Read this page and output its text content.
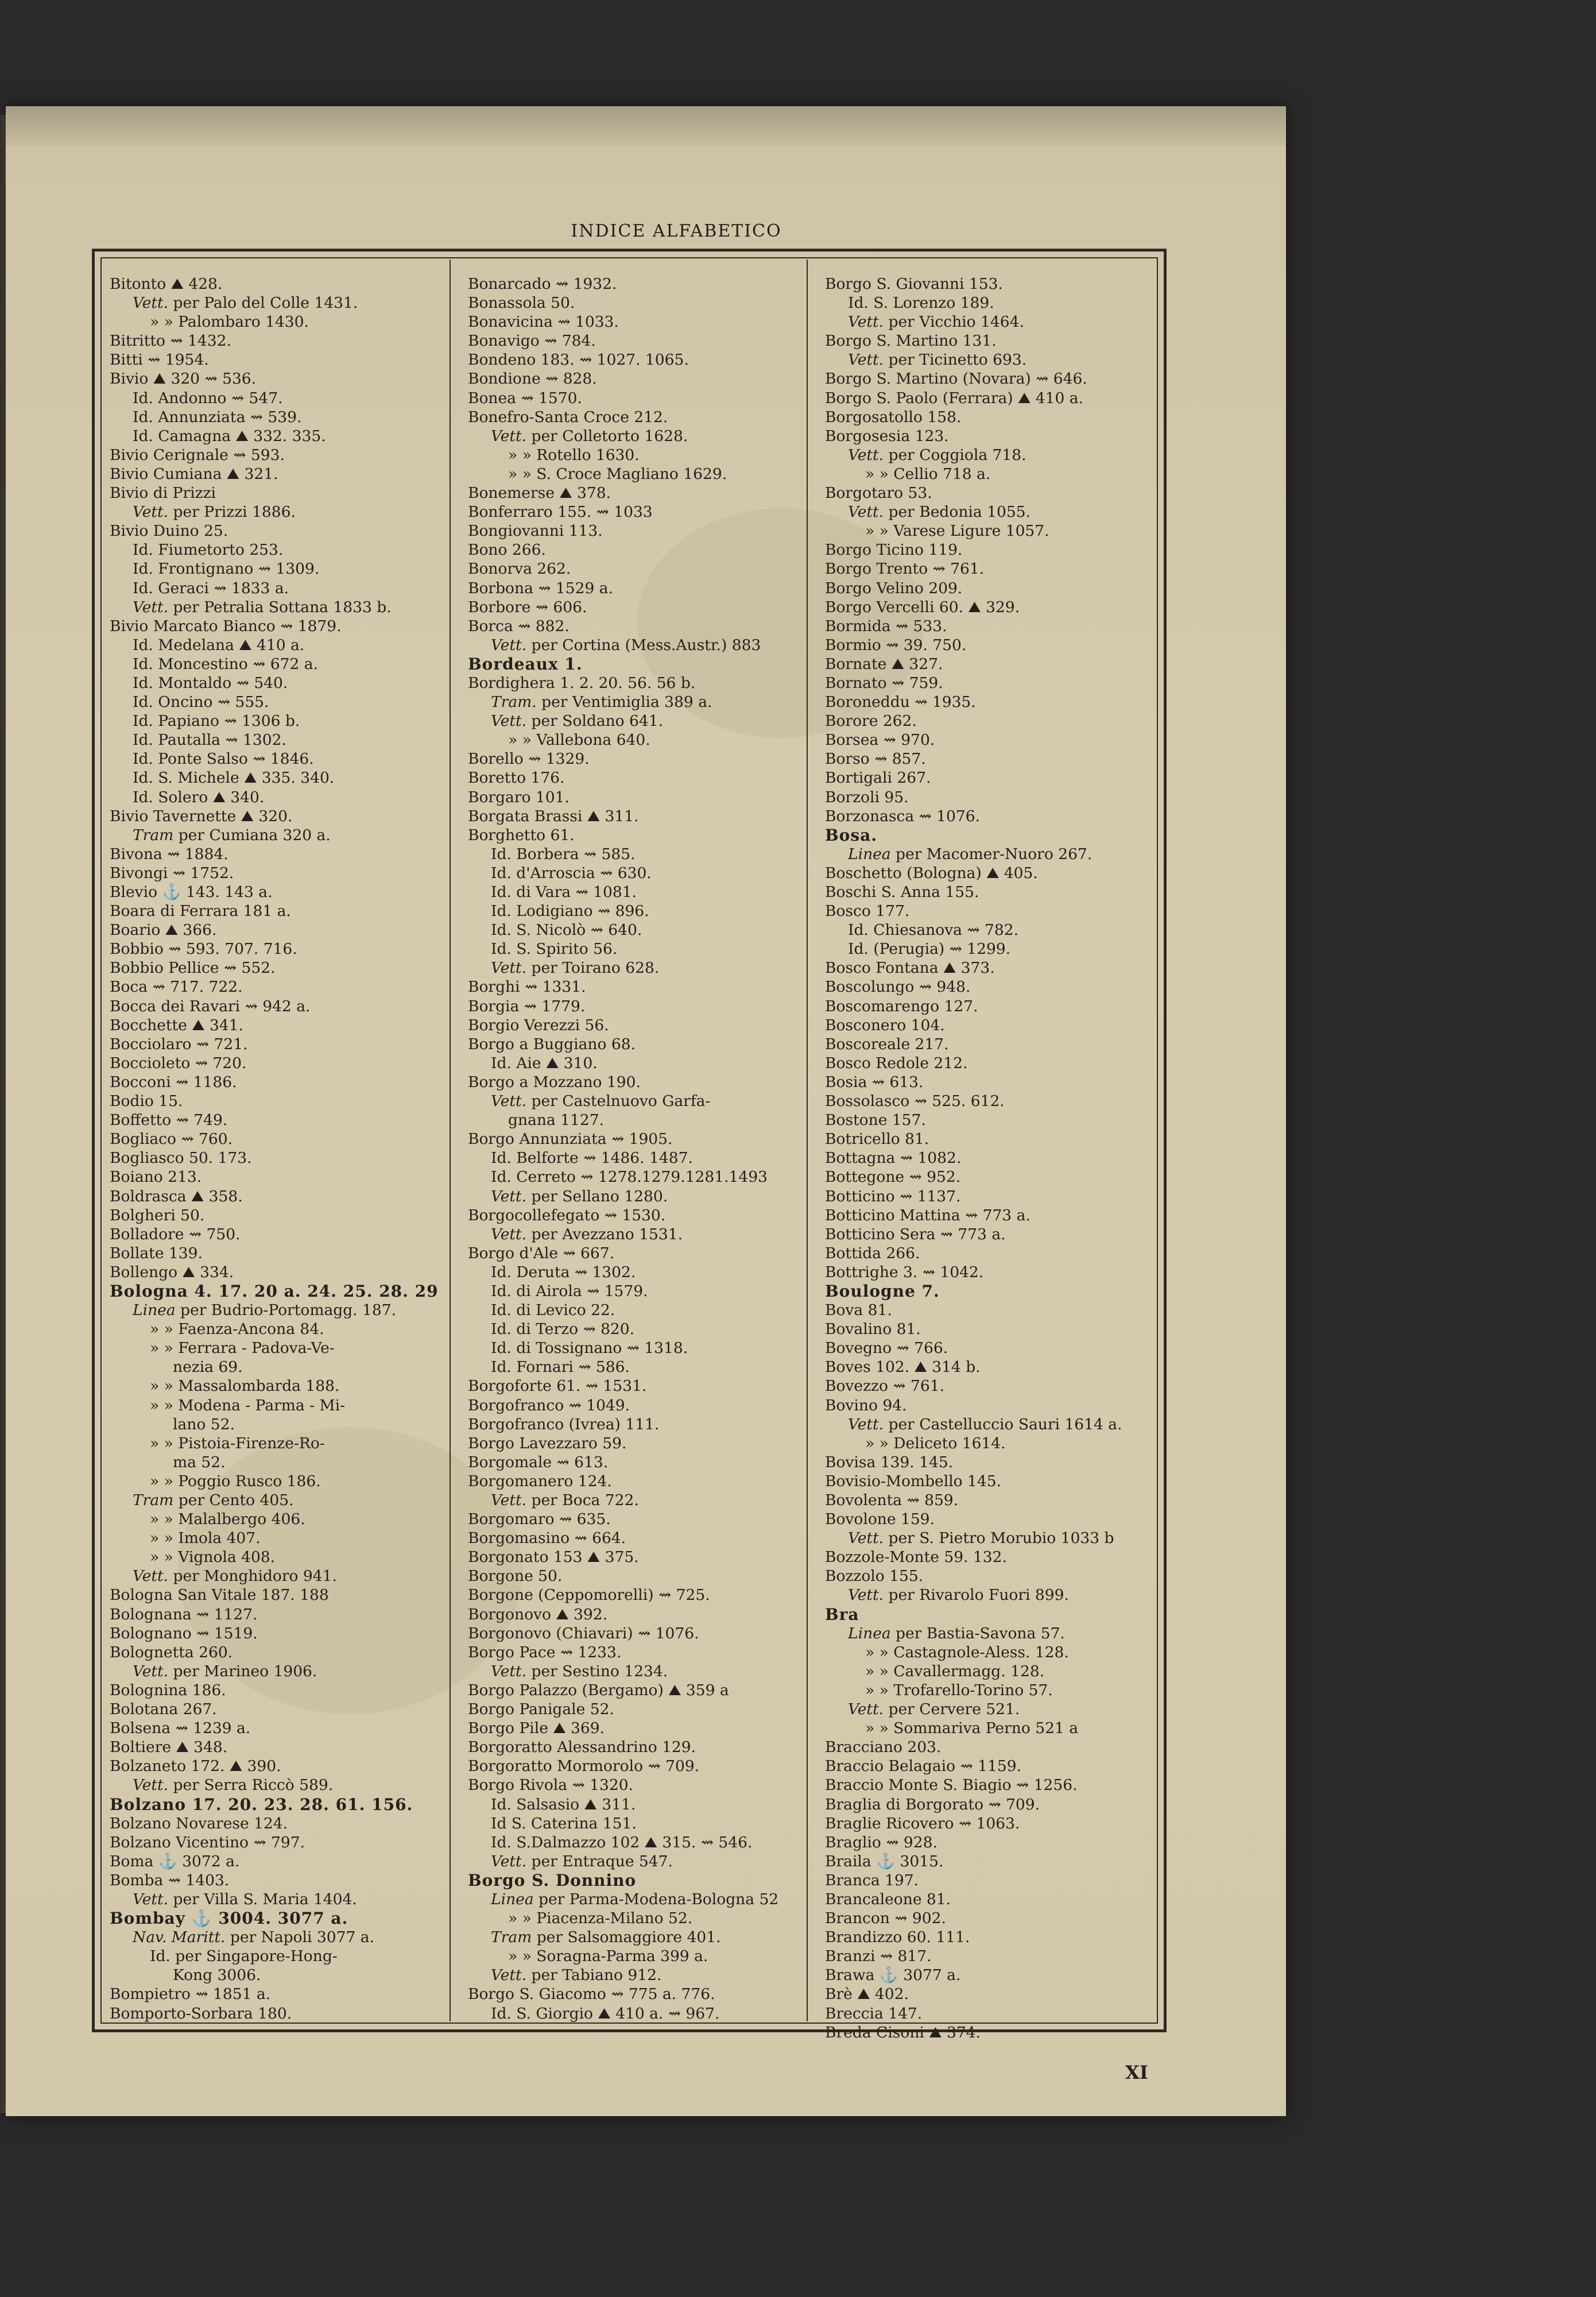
INDICE ALFABETICO
Bitonto ⛰ 428.
Vett. per Palo del Colle 1431.
» » Palombaro 1430.
Bitritto ⇝ 1432.
Bitti ⇝ 1954.
Bivio ⛰ 320 ⇝ 536.
Id. Andonno ⇝ 547.
Id. Annunziata ⇝ 539.
Id. Camagna ⛰ 332. 335.
Bivio Cerignale ⇝ 593.
Bivio Cumiana ⛰ 321.
Bivio di Prizzi
Vett. per Prizzi 1886.
Bivio Duino 25.
Id. Fiumetorto 253.
Id. Frontignano ⇝ 1309.
Id. Geraci ⇝ 1833 a.
Vett. per Petralia Sottana 1833 b.
Bivio Marcato Bianco ⇝ 1879.
Id. Medelana ⛰ 410 a.
Id. Moncestino ⇝ 672 a.
Id. Montaldo ⇝ 540.
Id. Oncino ⇝ 555.
Id. Papiano ⇝ 1306 b.
Id. Pautalla ⇝ 1302.
Id. Ponte Salso ⇝ 1846.
Id. S. Michele ⛰ 335. 340.
Id. Solero ⛰ 340.
Bivio Tavernette ⛰ 320.
Tram per Cumiana 320 a.
Bivona ⇝ 1884.
Bivongi ⇝ 1752.
Blevio ⚓ 143. 143 a.
Boara di Ferrara 181 a.
Boario ⛰ 366.
Bobbio ⇝ 593. 707. 716.
Bobbio Pellice ⇝ 552.
Boca ⇝ 717. 722.
Bocca dei Ravari ⇝ 942 a.
Bocchette ⛰ 341.
Bocciolaro ⇝ 721.
Boccioleto ⇝ 720.
Bocconi ⇝ 1186.
Bodio 15.
Boffetto ⇝ 749.
Bogliaco ⇝ 760.
Bogliasco 50. 173.
Boiano 213.
Boldrasca ⛰ 358.
Bolgheri 50.
Bolladore ⇝ 750.
Bollate 139.
Bollengo ⛰ 334.
Bologna 4. 17. 20 a. 24. 25. 28. 29
Linea per Budrio-Portomagg. 187.
» » Faenza-Ancona 84.
» » Ferrara - Padova-Ve-
nezia 69.
» » Massalombarda 188.
» » Modena - Parma - Mi-
lano 52.
» » Pistoia-Firenze-Ro-
ma 52.
» » Poggio Rusco 186.
Tram per Cento 405.
» » Malalbergo 406.
» » Imola 407.
» » Vignola 408.
Vett. per Monghidoro 941.
Bologna San Vitale 187. 188
Bolognana ⇝ 1127.
Bolognano ⇝ 1519.
Bolognetta 260.
Vett. per Marineo 1906.
Bolognina 186.
Bolotana 267.
Bolsena ⇝ 1239 a.
Boltiere ⛰ 348.
Bolzaneto 172. ⛰ 390.
Vett. per Serra Riccò 589.
Bolzano 17. 20. 23. 28. 61. 156.
Bolzano Novarese 124.
Bolzano Vicentino ⇝ 797.
Boma ⚓ 3072 a.
Bomba ⇝ 1403.
Vett. per Villa S. Maria 1404.
Bombay ⚓ 3004. 3077 a.
Nav. Maritt. per Napoli 3077 a.
Id. per Singapore-Hong-
Kong 3006.
Bompietro ⇝ 1851 a.
Bomporto-Sorbara 180.
Bonarcado ⇝ 1932.
Bonassola 50.
Bonavicina ⇝ 1033.
Bonavigo ⇝ 784.
Bondeno 183. ⇝ 1027. 1065.
Bondione ⇝ 828.
Bonea ⇝ 1570.
Bonefro-Santa Croce 212.
Vett. per Colletorto 1628.
» » Rotello 1630.
» » S. Croce Magliano 1629.
Bonemerse ⛰ 378.
Bonferraro 155. ⇝ 1033
Bongiovanni 113.
Bono 266.
Bonorva 262.
Borbona ⇝ 1529 a.
Borbore ⇝ 606.
Borca ⇝ 882.
Vett. per Cortina (Mess.Austr.) 883
Bordeaux 1.
Bordighera 1. 2. 20. 56. 56 b.
Tram. per Ventimiglia 389 a.
Vett. per Soldano 641.
» » Vallebona 640.
Borello ⇝ 1329.
Boretto 176.
Borgaro 101.
Borgata Brassi ⛰ 311.
Borghetto 61.
Id. Borbera ⇝ 585.
Id. d'Arroscia ⇝ 630.
Id. di Vara ⇝ 1081.
Id. Lodigiano ⇝ 896.
Id. S. Nicolò ⇝ 640.
Id. S. Spirito 56.
Vett. per Toirano 628.
Borghi ⇝ 1331.
Borgia ⇝ 1779.
Borgio Verezzi 56.
Borgo a Buggiano 68.
Id. Aie ⛰ 310.
Borgo a Mozzano 190.
Vett. per Castelnuovo Garfa-
gnana 1127.
Borgo Annunziata ⇝ 1905.
Id. Belforte ⇝ 1486. 1487.
Id. Cerreto ⇝ 1278.1279.1281.1493
Vett. per Sellano 1280.
Borgocollefegato ⇝ 1530.
Vett. per Avezzano 1531.
Borgo d'Ale ⇝ 667.
Id. Deruta ⇝ 1302.
Id. di Airola ⇝ 1579.
Id. di Levico 22.
Id. di Terzo ⇝ 820.
Id. di Tossignano ⇝ 1318.
Id. Fornari ⇝ 586.
Borgoforte 61. ⇝ 1531.
Borgofranco ⇝ 1049.
Borgofranco (Ivrea) 111.
Borgo Lavezzaro 59.
Borgomale ⇝ 613.
Borgomanero 124.
Vett. per Boca 722.
Borgomaro ⇝ 635.
Borgomasino ⇝ 664.
Borgonato 153 ⛰ 375.
Borgone 50.
Borgone (Ceppomorelli) ⇝ 725.
Borgonovo ⛰ 392.
Borgonovo (Chiavari) ⇝ 1076.
Borgo Pace ⇝ 1233.
Vett. per Sestino 1234.
Borgo Palazzo (Bergamo) ⛰ 359 a
Borgo Panigale 52.
Borgo Pile ⛰ 369.
Borgoratto Alessandrino 129.
Borgoratto Mormorolo ⇝ 709.
Borgo Rivola ⇝ 1320.
Id. Salsasio ⛰ 311.
Id S. Caterina 151.
Id. S.Dalmazzo 102 ⛰ 315. ⇝ 546.
Vett. per Entraque 547.
Borgo S. Donnino
Linea per Parma-Modena-Bologna 52
» » Piacenza-Milano 52.
Tram per Salsomaggiore 401.
» » Soragna-Parma 399 a.
Vett. per Tabiano 912.
Borgo S. Giacomo ⇝ 775 a. 776.
Id. S. Giorgio ⛰ 410 a. ⇝ 967.
Borgo S. Giovanni 153.
Id. S. Lorenzo 189.
Vett. per Vicchio 1464.
Borgo S. Martino 131.
Vett. per Ticinetto 693.
Borgo S. Martino (Novara) ⇝ 646.
Borgo S. Paolo (Ferrara) ⛰ 410 a.
Borgosatollo 158.
Borgosesia 123.
Vett. per Coggiola 718.
» » Cellio 718 a.
Borgotaro 53.
Vett. per Bedonia 1055.
» » Varese Ligure 1057.
Borgo Ticino 119.
Borgo Trento ⇝ 761.
Borgo Velino 209.
Borgo Vercelli 60. ⛰ 329.
Bormida ⇝ 533.
Bormio ⇝ 39. 750.
Bornate ⛰ 327.
Bornato ⇝ 759.
Boroneddu ⇝ 1935.
Borore 262.
Borsea ⇝ 970.
Borso ⇝ 857.
Bortigali 267.
Borzoli 95.
Borzonasca ⇝ 1076.
Bosa.
Linea per Macomer-Nuoro 267.
Boschetto (Bologna) ⛰ 405.
Boschi S. Anna 155.
Bosco 177.
Id. Chiesanova ⇝ 782.
Id. (Perugia) ⇝ 1299.
Bosco Fontana ⛰ 373.
Boscolungo ⇝ 948.
Boscomarengo 127.
Bosconero 104.
Boscoreale 217.
Bosco Redole 212.
Bosia ⇝ 613.
Bossolasco ⇝ 525. 612.
Bostone 157.
Botricello 81.
Bottagna ⇝ 1082.
Bottegone ⇝ 952.
Botticino ⇝ 1137.
Botticino Mattina ⇝ 773 a.
Botticino Sera ⇝ 773 a.
Bottida 266.
Bottrighe 3. ⇝ 1042.
Boulogne 7.
Bova 81.
Bovalino 81.
Bovegno ⇝ 766.
Boves 102. ⛰ 314 b.
Bovezzo ⇝ 761.
Bovino 94.
Vett. per Castelluccio Sauri 1614 a.
» » Deliceto 1614.
Bovisa 139. 145.
Bovisio-Mombello 145.
Bovolenta ⇝ 859.
Bovolone 159.
Vett. per S. Pietro Morubio 1033 b
Bozzole-Monte 59. 132.
Bozzolo 155.
Vett. per Rivarolo Fuori 899.
Bra
Linea per Bastia-Savona 57.
» » Castagnole-Aless. 128.
» » Cavallermagg. 128.
» » Trofarello-Torino 57.
Vett. per Cervere 521.
» » Sommariva Perno 521 a
Bracciano 203.
Braccio Belagaio ⇝ 1159.
Braccio Monte S. Biagio ⇝ 1256.
Braglia di Borgorato ⇝ 709.
Braglie Ricovero ⇝ 1063.
Braglio ⇝ 928.
Braila ⚓ 3015.
Branca 197.
Brancaleone 81.
Brancon ⇝ 902.
Brandizzo 60. 111.
Branzi ⇝ 817.
Brawa ⚓ 3077 a.
Brè ⛰ 402.
Breccia 147.
Breda Cisoni ⛰ 374.
XI
